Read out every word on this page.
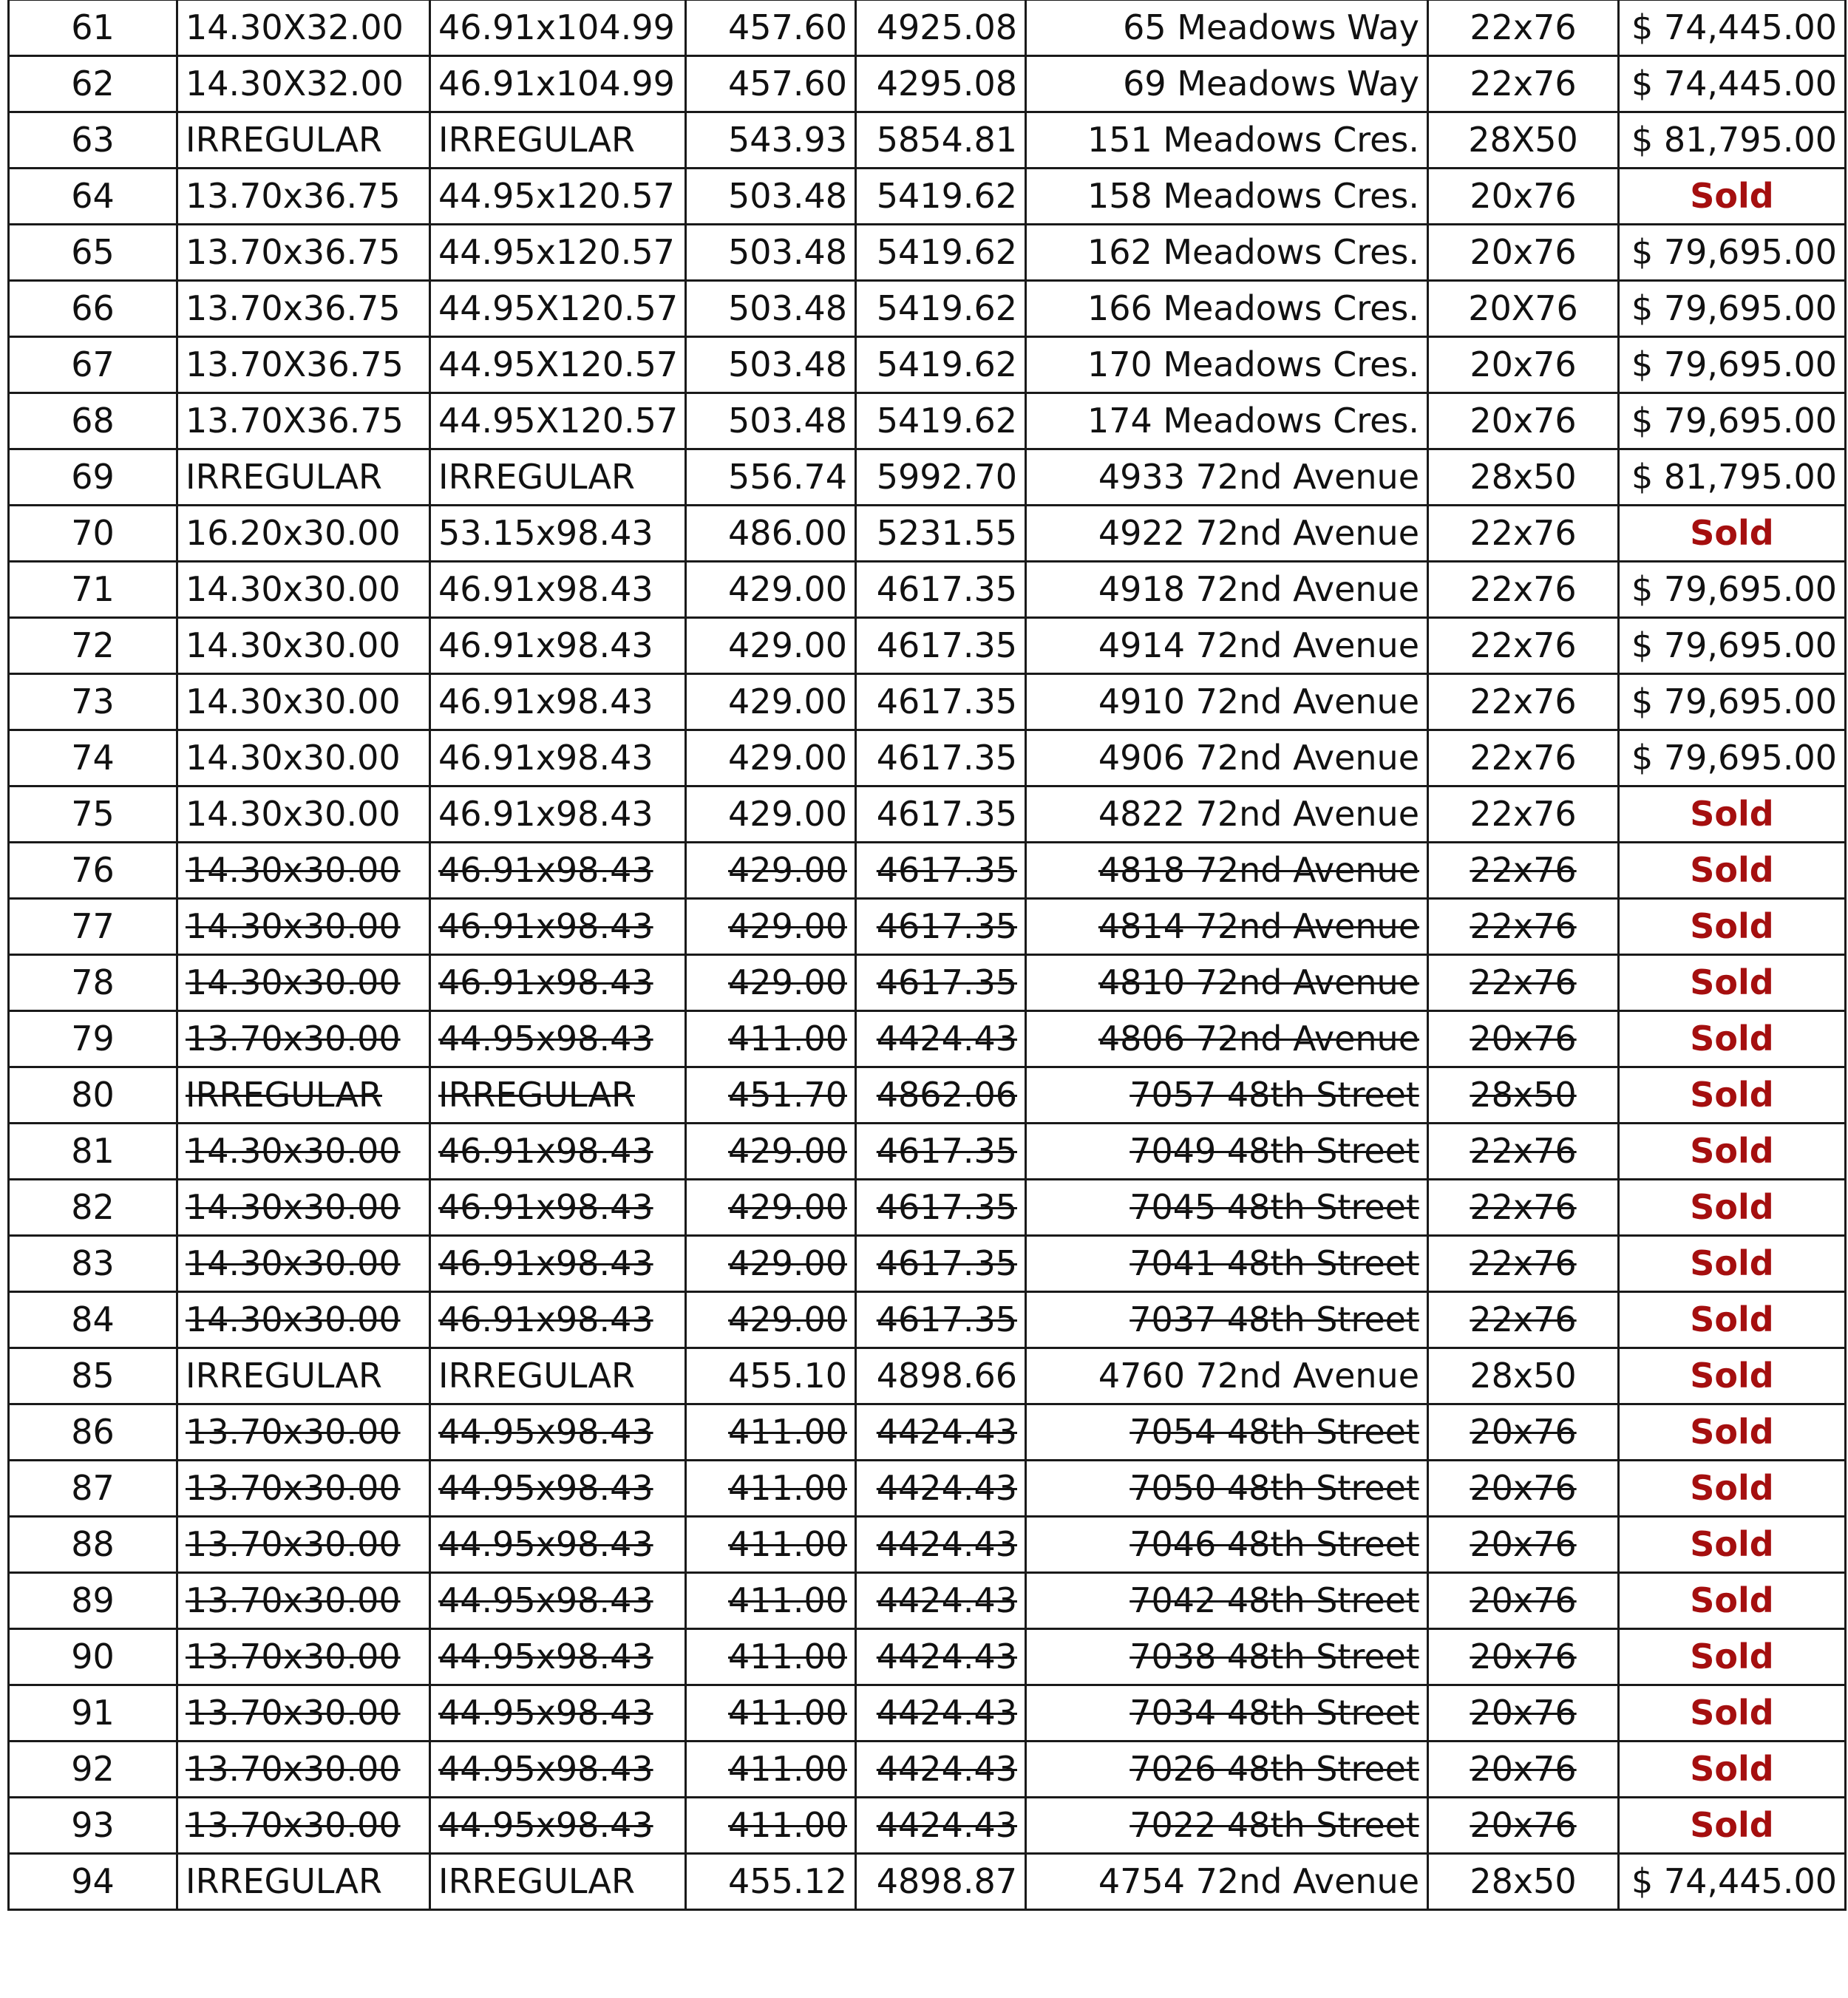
61	14.30X32.00	46.91x104.99	457.60	4925.08	65 Meadows Way	22x76	$ 74,445.00
62	14.30X32.00	46.91x104.99	457.60	4295.08	69 Meadows Way	22x76	$ 74,445.00
63	IRREGULAR	IRREGULAR	543.93	5854.81	151 Meadows Cres.	28X50	$ 81,795.00
64	13.70x36.75	44.95x120.57	503.48	5419.62	158 Meadows Cres.	20x76	Sold
65	13.70x36.75	44.95x120.57	503.48	5419.62	162 Meadows Cres.	20x76	$ 79,695.00
66	13.70x36.75	44.95X120.57	503.48	5419.62	166 Meadows Cres.	20X76	$ 79,695.00
67	13.70X36.75	44.95X120.57	503.48	5419.62	170 Meadows Cres.	20x76	$ 79,695.00
68	13.70X36.75	44.95X120.57	503.48	5419.62	174 Meadows Cres.	20x76	$ 79,695.00
69	IRREGULAR	IRREGULAR	556.74	5992.70	4933 72nd Avenue	28x50	$ 81,795.00
70	16.20x30.00	53.15x98.43	486.00	5231.55	4922 72nd Avenue	22x76	Sold
71	14.30x30.00	46.91x98.43	429.00	4617.35	4918 72nd Avenue	22x76	$ 79,695.00
72	14.30x30.00	46.91x98.43	429.00	4617.35	4914 72nd Avenue	22x76	$ 79,695.00
73	14.30x30.00	46.91x98.43	429.00	4617.35	4910 72nd Avenue	22x76	$ 79,695.00
74	14.30x30.00	46.91x98.43	429.00	4617.35	4906 72nd Avenue	22x76	$ 79,695.00
75	14.30x30.00	46.91x98.43	429.00	4617.35	4822 72nd Avenue	22x76	Sold
76	14.30x30.00	46.91x98.43	429.00	4617.35	4818 72nd Avenue	22x76	Sold
77	14.30x30.00	46.91x98.43	429.00	4617.35	4814 72nd Avenue	22x76	Sold
78	14.30x30.00	46.91x98.43	429.00	4617.35	4810 72nd Avenue	22x76	Sold
79	13.70x30.00	44.95x98.43	411.00	4424.43	4806 72nd Avenue	20x76	Sold
80	IRREGULAR	IRREGULAR	451.70	4862.06	7057 48th Street	28x50	Sold
81	14.30x30.00	46.91x98.43	429.00	4617.35	7049 48th Street	22x76	Sold
82	14.30x30.00	46.91x98.43	429.00	4617.35	7045 48th Street	22x76	Sold
83	14.30x30.00	46.91x98.43	429.00	4617.35	7041 48th Street	22x76	Sold
84	14.30x30.00	46.91x98.43	429.00	4617.35	7037 48th Street	22x76	Sold
85	IRREGULAR	IRREGULAR	455.10	4898.66	4760 72nd Avenue	28x50	Sold
86	13.70x30.00	44.95x98.43	411.00	4424.43	7054 48th Street	20x76	Sold
87	13.70x30.00	44.95x98.43	411.00	4424.43	7050 48th Street	20x76	Sold
88	13.70x30.00	44.95x98.43	411.00	4424.43	7046 48th Street	20x76	Sold
89	13.70x30.00	44.95x98.43	411.00	4424.43	7042 48th Street	20x76	Sold
90	13.70x30.00	44.95x98.43	411.00	4424.43	7038 48th Street	20x76	Sold
91	13.70x30.00	44.95x98.43	411.00	4424.43	7034 48th Street	20x76	Sold
92	13.70x30.00	44.95x98.43	411.00	4424.43	7026 48th Street	20x76	Sold
93	13.70x30.00	44.95x98.43	411.00	4424.43	7022 48th Street	20x76	Sold
94	IRREGULAR	IRREGULAR	455.12	4898.87	4754 72nd Avenue	28x50	$ 74,445.00
